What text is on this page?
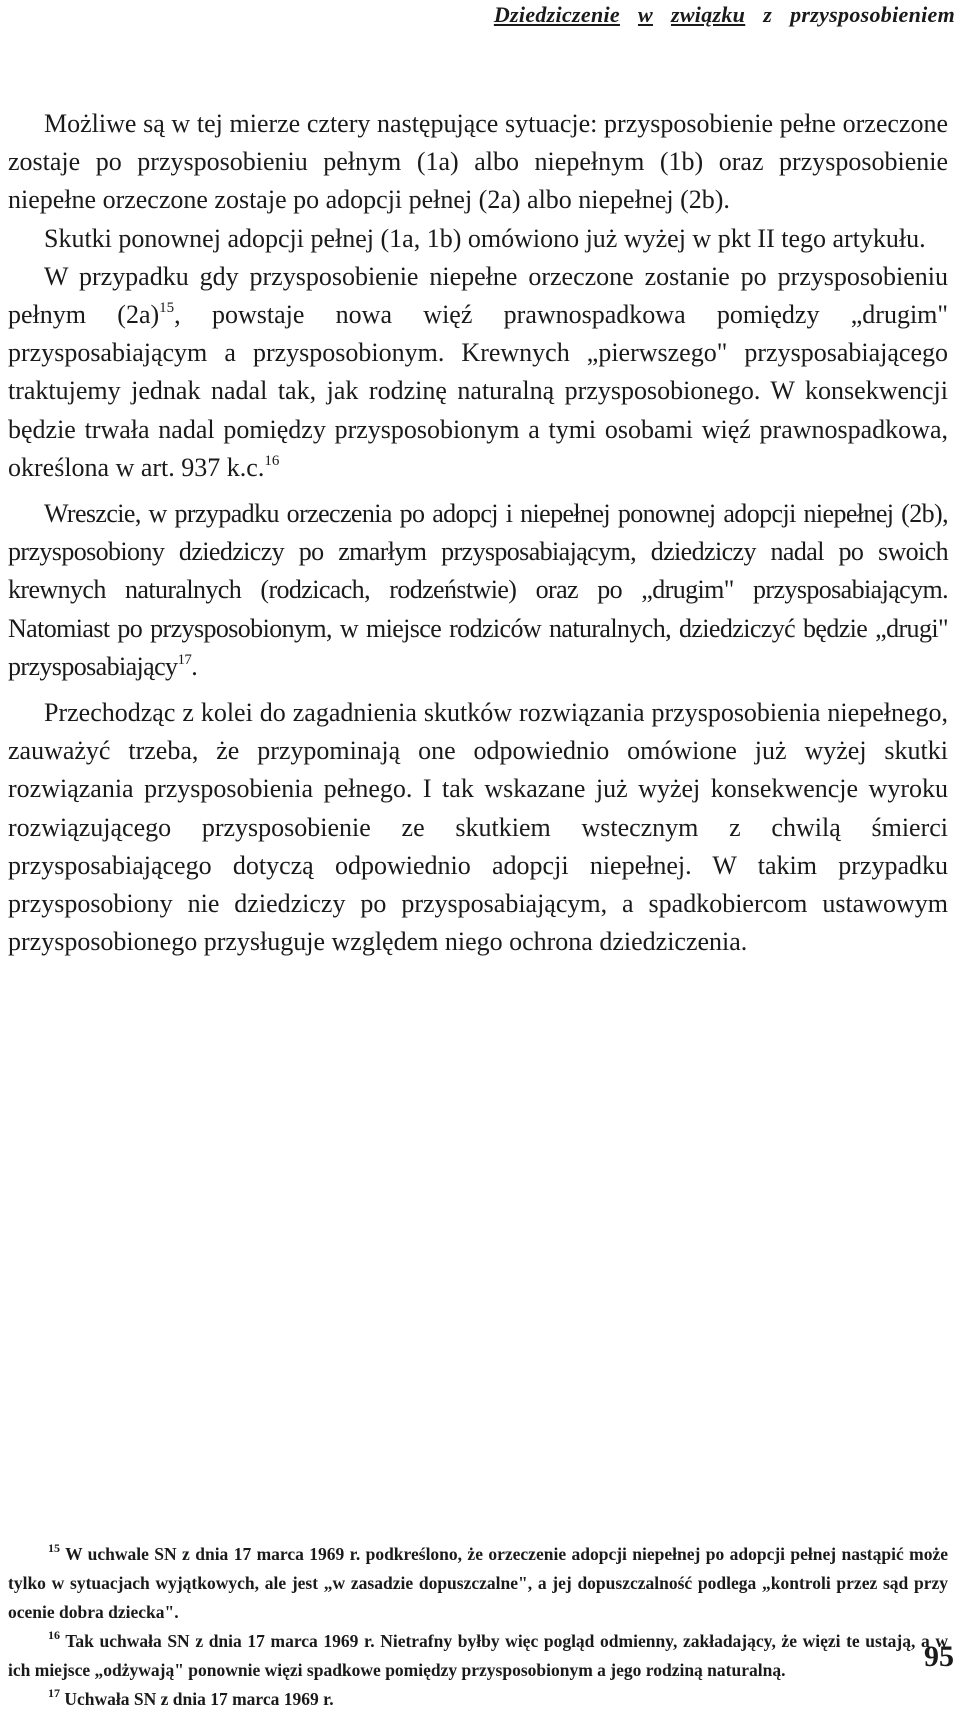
Dziedziczenie w związku z przysposobieniem

Możliwe są w tej mierze cztery następujące sytuacje: przysposobienie pełne orzeczone zostaje po przysposobieniu pełnym (1a) albo niepełnym (1b) oraz przysposobienie niepełne orzeczone zostaje po adopcji pełnej (2a) albo niepełnej (2b).

Skutki ponownej adopcji pełnej (1a, 1b) omówiono już wyżej w pkt II tego artykułu.

W przypadku gdy przysposobienie niepełne orzeczone zostanie po przysposobieniu pełnym $(2a)^{15}$, powstaje nowa więź prawnospadkowa pomiędzy „drugim" przysposabiającym a przysposobionym. Krewnych „pierwszego" przysposabiającego traktujemy jednak nadal tak, jak rodzinę naturalną przysposobionego. W konsekwencji będzie trwała nadal pomiędzy przysposobionym a tymi osobami więź prawnospadkowa, określona w art. 937 k.c.$^{16}$

Wreszcie, w przypadku orzeczenia po adopcj i niepełnej ponownej adopcji niepełnej (2b), przysposobiony dziedziczy po zmarłym przysposabiającym, dziedziczy nadal po swoich krewnych naturalnych (rodzicach, rodzeństwie) oraz po „drugim" przysposabiającym. Natomiast po przysposobionym, w miejsce rodziców naturalnych, dziedziczyć będzie „drugi" przysposabiający$^{17}$.

Przechodząc z kolei do zagadnienia skutków rozwiązania przysposobienia niepełnego, zauważyć trzeba, że przypominają one odpowiednio omówione już wyżej skutki rozwiązania przysposobienia pełnego. I tak wskazane już wyżej konsekwencje wyroku rozwiązującego przysposobienie ze skutkiem wstecznym z chwilą śmierci przysposabiającego dotyczą odpowiednio adopcji niepełnej. W takim przypadku przysposobiony nie dziedziczy po przysposabiającym, a spadkobiercom ustawowym przysposobionego przysługuje względem niego ochrona dziedziczenia.

$^{15}$ W uchwale SN z dnia 17 marca 1969 r. podkreślono, że orzeczenie adopcji niepełnej po adopcji pełnej nastąpić może tylko w sytuacjach wyjątkowych, ale jest „w zasadzie dopuszczalne", a jej dopuszczalność podlega „kontroli przez sąd przy ocenie dobra dziecka".

$^{16}$ Tak uchwała SN z dnia 17 marca 1969 r. Nietrafny byłby więc pogląd odmienny, zakładający, że więzi te ustają, a w ich miejsce „odżywają" ponownie więzi spadkowe pomiędzy przysposobionym a jego rodziną naturalną.

$^{17}$ Uchwała SN z dnia 17 marca 1969 r.

95
